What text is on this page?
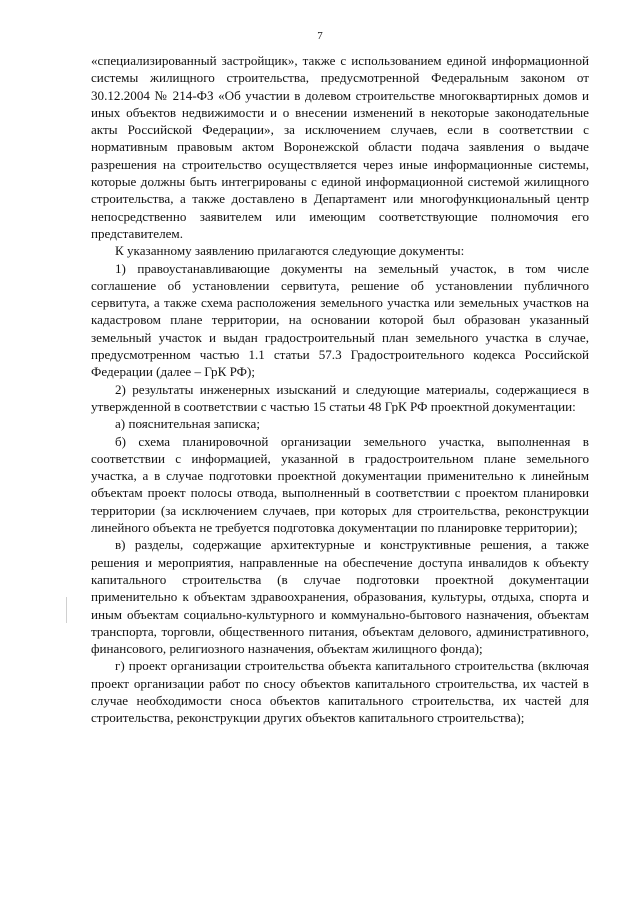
7

«специализированный застройщик», также с использованием единой информационной системы жилищного строительства, предусмотренной Федеральным законом от 30.12.2004 № 214-ФЗ «Об участии в долевом строительстве многоквартирных домов и иных объектов недвижимости и о внесении изменений в некоторые законодательные акты Российской Федерации», за исключением случаев, если в соответствии с нормативным правовым актом Воронежской области подача заявления о выдаче разрешения на строительство осуществляется через иные информационные системы, которые должны быть интегрированы с единой информационной системой жилищного строительства, а также доставлено в Департамент или многофункциональный центр непосредственно заявителем или имеющим соответствующие полномочия его представителем.

К указанному заявлению прилагаются следующие документы:

1) правоустанавливающие документы на земельный участок, в том числе соглашение об установлении сервитута, решение об установлении публичного сервитута, а также схема расположения земельного участка или земельных участков на кадастровом плане территории, на основании которой был образован указанный земельный участок и выдан градостроительный план земельного участка в случае, предусмотренном частью 1.1 статьи 57.3 Градостроительного кодекса Российской Федерации (далее – ГрК РФ);

2) результаты инженерных изысканий и следующие материалы, содержащиеся в утвержденной в соответствии с частью 15 статьи 48 ГрК РФ проектной документации:

а) пояснительная записка;

б) схема планировочной организации земельного участка, выполненная в соответствии с информацией, указанной в градостроительном плане земельного участка, а в случае подготовки проектной документации применительно к линейным объектам проект полосы отвода, выполненный в соответствии с проектом планировки территории (за исключением случаев, при которых для строительства, реконструкции линейного объекта не требуется подготовка документации по планировке территории);

в) разделы, содержащие архитектурные и конструктивные решения, а также решения и мероприятия, направленные на обеспечение доступа инвалидов к объекту капитального строительства (в случае подготовки проектной документации применительно к объектам здравоохранения, образования, культуры, отдыха, спорта и иным объектам социально-культурного и коммунально-бытового назначения, объектам транспорта, торговли, общественного питания, объектам делового, административного, финансового, религиозного назначения, объектам жилищного фонда);

г) проект организации строительства объекта капитального строительства (включая проект организации работ по сносу объектов капитального строительства, их частей в случае необходимости сноса объектов капитального строительства, их частей для строительства, реконструкции других объектов капитального строительства);
